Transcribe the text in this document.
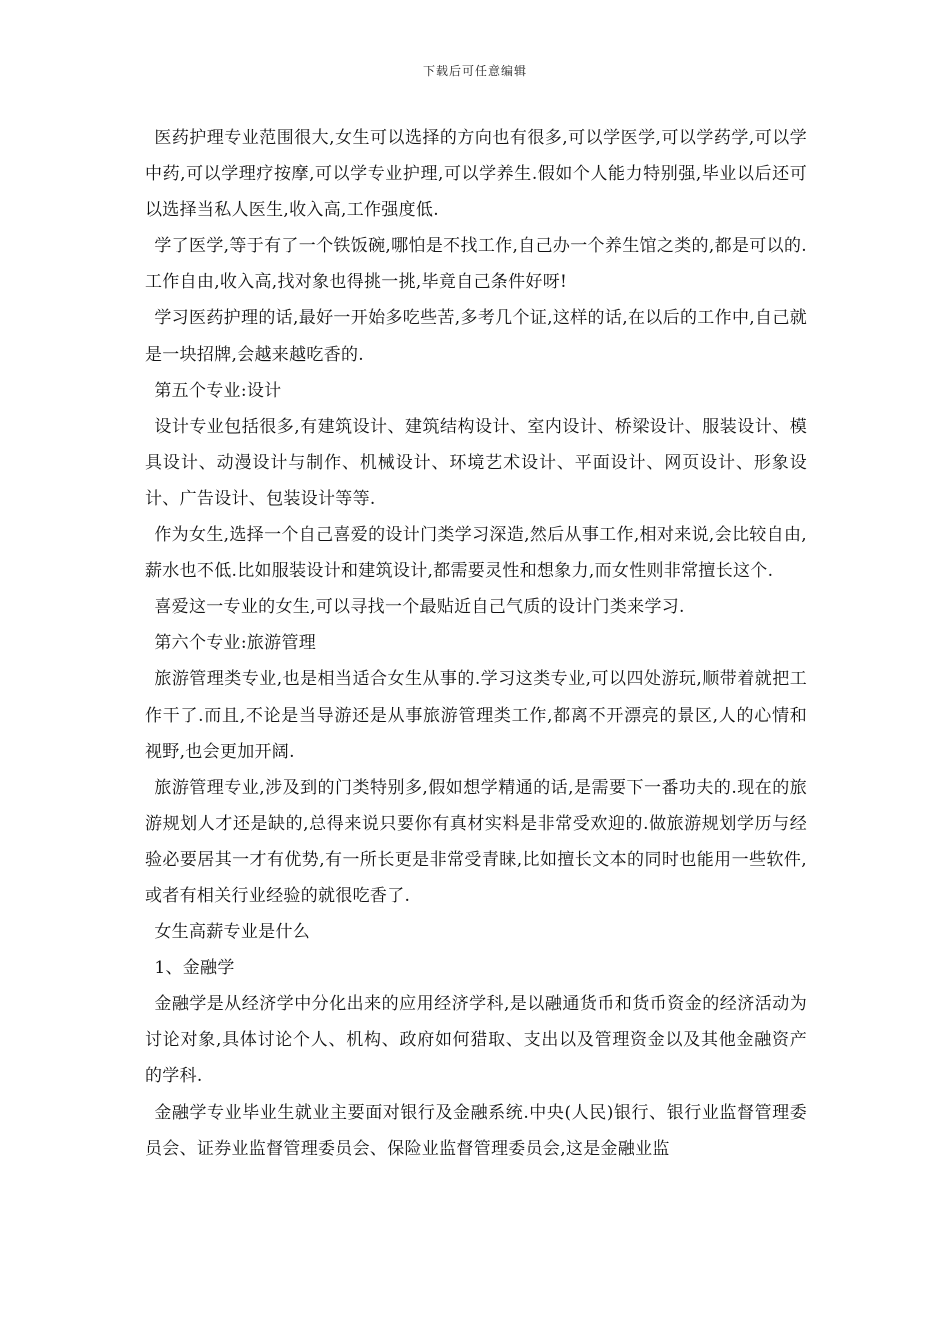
下载后可任意编辑

医药护理专业范围很大,女生可以选择的方向也有很多,可以学医学,可以学药学,可以学中药,可以学理疗按摩,可以学专业护理,可以学养生.假如个人能力特别强,毕业以后还可以选择当私人医生,收入高,工作强度低.

学了医学,等于有了一个铁饭碗,哪怕是不找工作,自己办一个养生馆之类的,都是可以的.工作自由,收入高,找对象也得挑一挑,毕竟自己条件好呀!

学习医药护理的话,最好一开始多吃些苦,多考几个证,这样的话,在以后的工作中,自己就是一块招牌,会越来越吃香的.

第五个专业:设计

设计专业包括很多,有建筑设计、建筑结构设计、室内设计、桥梁设计、服装设计、模具设计、动漫设计与制作、机械设计、环境艺术设计、平面设计、网页设计、形象设计、广告设计、包装设计等等.

作为女生,选择一个自己喜爱的设计门类学习深造,然后从事工作,相对来说,会比较自由,薪水也不低.比如服装设计和建筑设计,都需要灵性和想象力,而女性则非常擅长这个.

喜爱这一专业的女生,可以寻找一个最贴近自己气质的设计门类来学习.

第六个专业:旅游管理

旅游管理类专业,也是相当适合女生从事的.学习这类专业,可以四处游玩,顺带着就把工作干了.而且,不论是当导游还是从事旅游管理类工作,都离不开漂亮的景区,人的心情和视野,也会更加开阔.

旅游管理专业,涉及到的门类特别多,假如想学精通的话,是需要下一番功夫的.现在的旅游规划人才还是缺的,总得来说只要你有真材实料是非常受欢迎的.做旅游规划学历与经验必要居其一才有优势,有一所长更是非常受青睐,比如擅长文本的同时也能用一些软件,或者有相关行业经验的就很吃香了.

女生高薪专业是什么

1、金融学

金融学是从经济学中分化出来的应用经济学科,是以融通货币和货币资金的经济活动为讨论对象,具体讨论个人、机构、政府如何猎取、支出以及管理资金以及其他金融资产的学科.

金融学专业毕业生就业主要面对银行及金融系统.中央(人民)银行、银行业监督管理委员会、证券业监督管理委员会、保险业监督管理委员会,这是金融业监
